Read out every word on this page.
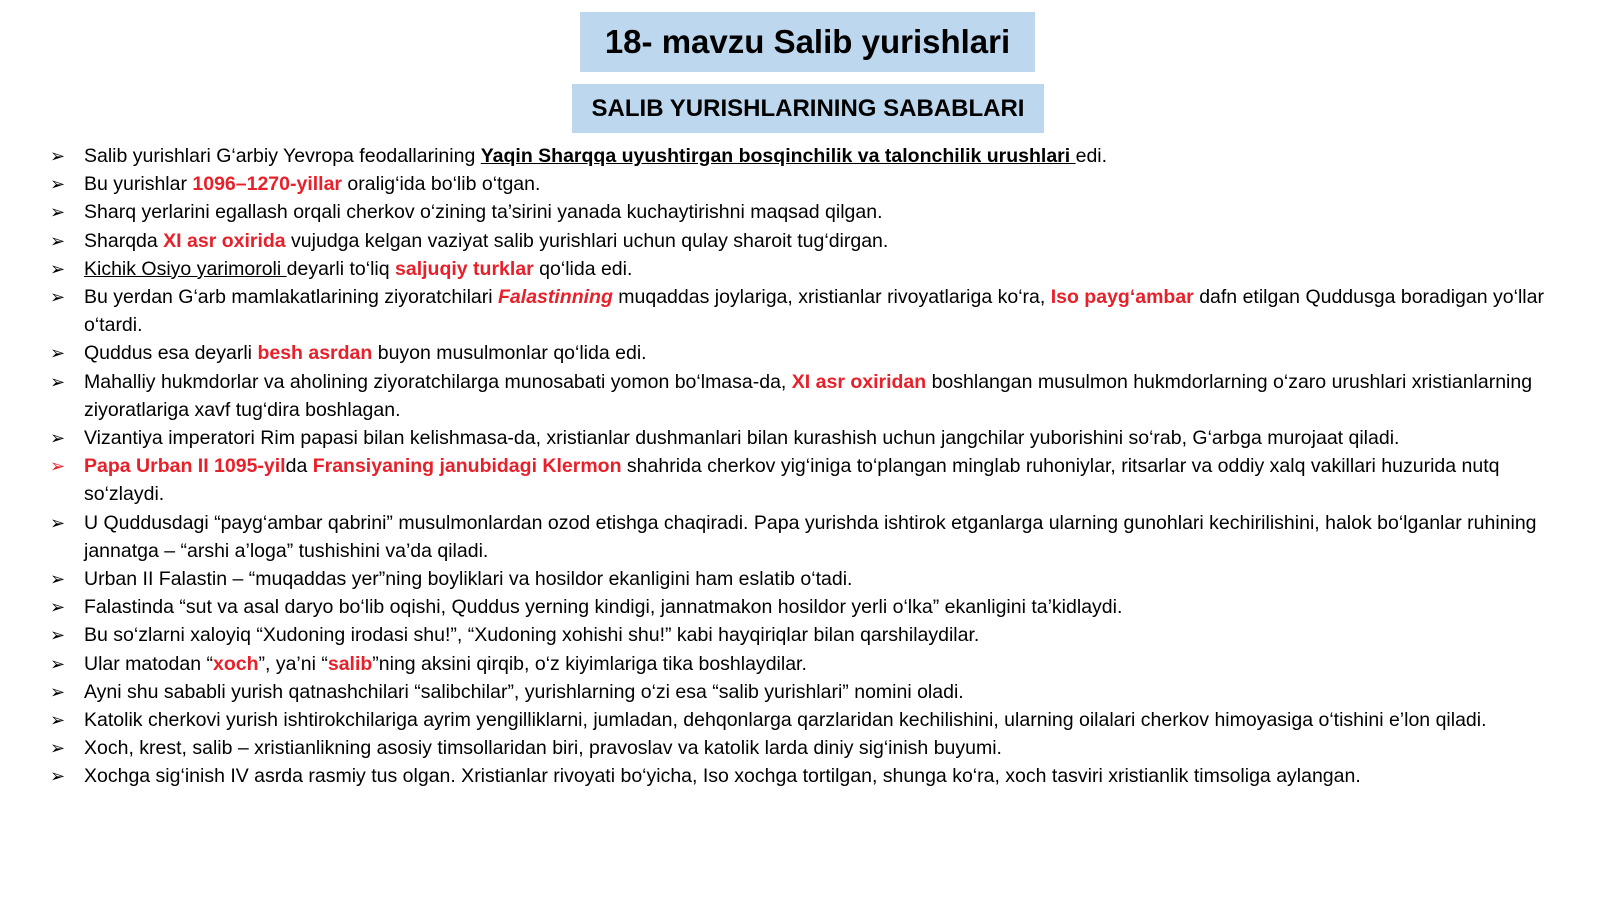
18- mavzu Salib yurishlari
SALIB YURISHLARINING SABABLARI
➢ Salib yurishlari G‘arbiy Yevropa feodallarining Yaqin Sharqqa uyushtirgan bosqinchilik va talonchilik urushlari edi.
➢ Bu yurishlar 1096–1270-yillar oralig‘ida bo‘lib o‘tgan.
➢ Sharq yerlarini egallash orqali cherkov o‘zining ta’sirini yanada kuchaytirishni maqsad qilgan.
➢ Sharqda XI asr oxirida vujudga kelgan vaziyat salib yurishlari uchun qulay sharoit tug‘dirgan.
➢ Kichik Osiyo yarimoroli deyarli to‘liq saljuqiy turklar qo‘lida edi.
➢ Bu yerdan G‘arb mamlakatlarining ziyoratchilari Falastinning muqaddas joylariga, xristianlar rivoyatlariga ko‘ra, Iso payg‘ambar dafn etilgan Quddusga boradigan yo‘llar o‘tardi.
➢ Quddus esa deyarli besh asrdan buyon musulmonlar qo‘lida edi.
➢ Mahalliy hukmdorlar va aholining ziyoratchilarga munosabati yomon bo‘lmasa-da, XI asr oxiridan boshlangan musulmon hukmdorlarning o‘zaro urushlari xristianlarning ziyoratlariga xavf tug‘dira boshlagan.
➢ Vizantiya imperatori Rim papasi bilan kelishmasa-da, xristianlar dushmanlari bilan kurashish uchun jangchilar yuborishini so‘rab, G‘arbga murojaat qiladi.
➢ Papa Urban II 1095-yilda Fransiyaning janubidagi Klermon shahrida cherkov yig‘iniga to‘plangan minglab ruhoniylar, ritsarlar va oddiy xalq vakillari huzurida nutq so‘zlaydi.
➢ U Quddusdagi “payg‘ambar qabrini” musulmonlardan ozod etishga chaqiradi. Papa yurishda ishtirok etganlarga ularning gunohlari kechirilishini, halok bo‘lganlar ruhining jannatga – “arshi a’loga” tushishini va’da qiladi.
➢ Urban II Falastin – “muqaddas yer”ning boyliklari va hosildor ekanligini ham eslatib o‘tadi.
➢ Falastinda “sut va asal daryo bo‘lib oqishi, Quddus yerning kindigi, jannatmakon hosildor yerli o‘lka” ekanligini ta’kidlaydi.
➢ Bu so‘zlarni xaloyiq “Xudoning irodasi shu!”, “Xudoning xohishi shu!” kabi hayqiriqlar bilan qarshilaydilar.
➢ Ular matodan “xoch”, ya’ni “salib”ning aksini qirqib, o‘z kiyimlariga tika boshlaydilar.
➢ Ayni shu sababli yurish qatnashchilari “salibchilar”, yurishlarning o‘zi esa “salib yurishlari” nomini oladi.
➢ Katolik cherkovi yurish ishtirokchilariga ayrim yengilliklarni, jumladan, dehqonlarga qarzlaridan kechilishini, ularning oilalari cherkov himoyasiga o‘tishini e’lon qiladi.
➢ Xoch, krest, salib – xristianlikning asosiy timsollaridan biri, pravoslav va katolik larda diniy sig‘inish buyumi.
➢ Xochga sig‘inish IV asrda rasmiy tus olgan. Xristianlar rivoyati bo‘yicha, Iso xochga tortilgan, shunga ko‘ra, xoch tasviri xristianlik timsoliga aylangan.
